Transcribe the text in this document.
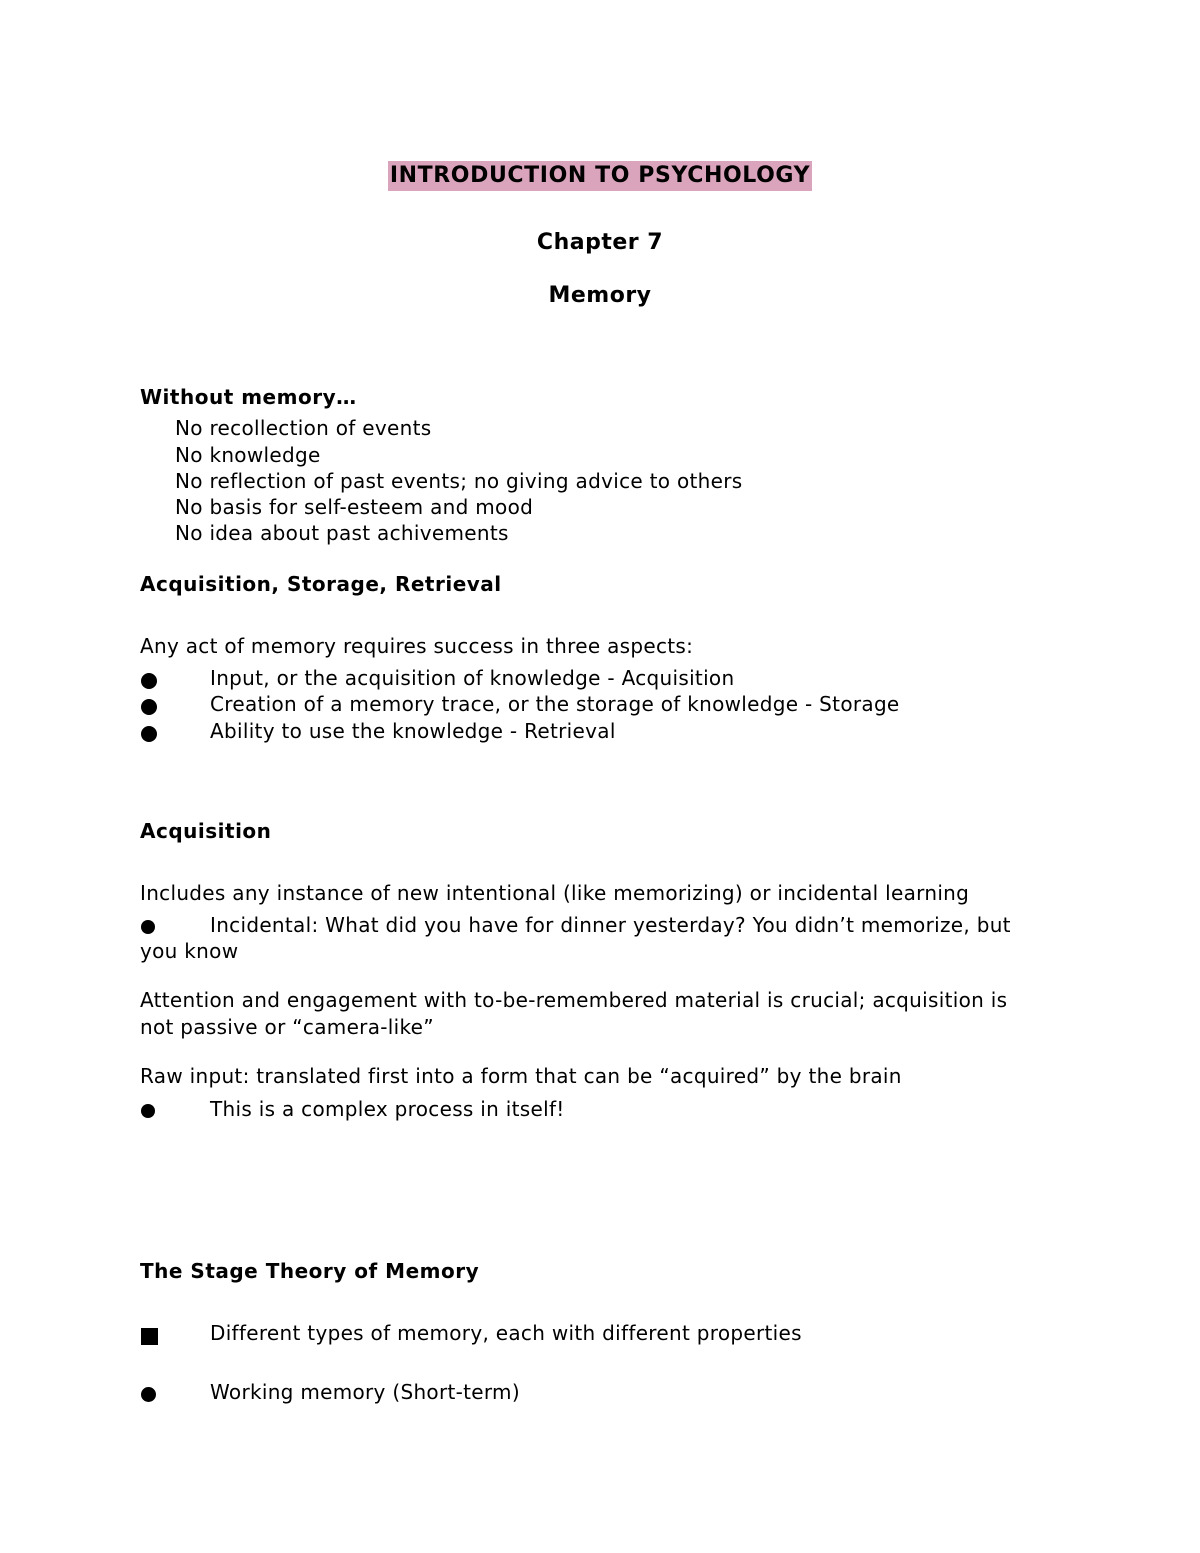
INTRODUCTION TO PSYCHOLOGY
Chapter 7
Memory
Without memory…
No recollection of events
No knowledge
No reflection of past events; no giving advice to others
No basis for self-esteem and mood
No idea about past achivements
Acquisition, Storage, Retrieval
Any act of memory requires success in three aspects:
Input, or the acquisition of knowledge - Acquisition
Creation of a memory trace, or the storage of knowledge - Storage
Ability to use the knowledge - Retrieval
Acquisition
Includes any instance of new intentional (like memorizing) or incidental learning
Incidental: What did you have for dinner yesterday? You didn’t memorize, but
you know
Attention and engagement with to-be-remembered material is crucial; acquisition is
not passive or “camera-like”
Raw input: translated first into a form that can be “acquired” by the brain
This is a complex process in itself!
The Stage Theory of Memory
Different types of memory, each with different properties
Working memory (Short-term)
